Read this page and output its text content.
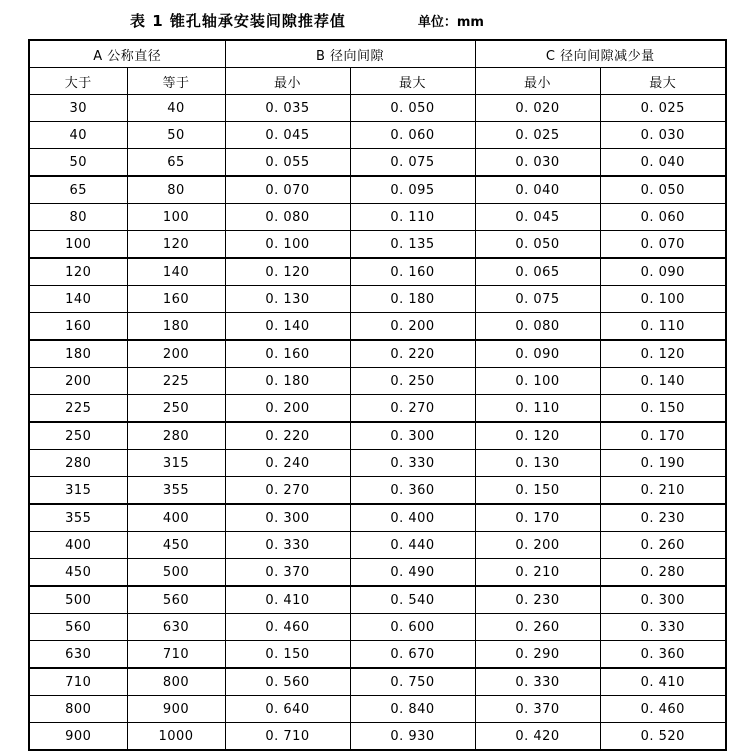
表 1 锥孔轴承安装间隙推荐值	单位：mm
A 公称直径		B 径向间隙		C 径向间隙减少量	
大于	等于	最小	最大	最小	最大
30	40	0. 035	0. 050	0. 020	0. 025
40	50	0. 045	0. 060	0. 025	0. 030
50	65	0. 055	0. 075	0. 030	0. 040
65	80	0. 070	0. 095	0. 040	0. 050
80	100	0. 080	0. 110	0. 045	0. 060
100	120	0. 100	0. 135	0. 050	0. 070
120	140	0. 120	0. 160	0. 065	0. 090
140	160	0. 130	0. 180	0. 075	0. 100
160	180	0. 140	0. 200	0. 080	0. 110
180	200	0. 160	0. 220	0. 090	0. 120
200	225	0. 180	0. 250	0. 100	0. 140
225	250	0. 200	0. 270	0. 110	0. 150
250	280	0. 220	0. 300	0. 120	0. 170
280	315	0. 240	0. 330	0. 130	0. 190
315	355	0. 270	0. 360	0. 150	0. 210
355	400	0. 300	0. 400	0. 170	0. 230
400	450	0. 330	0. 440	0. 200	0. 260
450	500	0. 370	0. 490	0. 210	0. 280
500	560	0. 410	0. 540	0. 230	0. 300
560	630	0. 460	0. 600	0. 260	0. 330
630	710	0. 150	0. 670	0. 290	0. 360
710	800	0. 560	0. 750	0. 330	0. 410
800	900	0. 640	0. 840	0. 370	0. 460
900	1000	0. 710	0. 930	0. 420	0. 520
